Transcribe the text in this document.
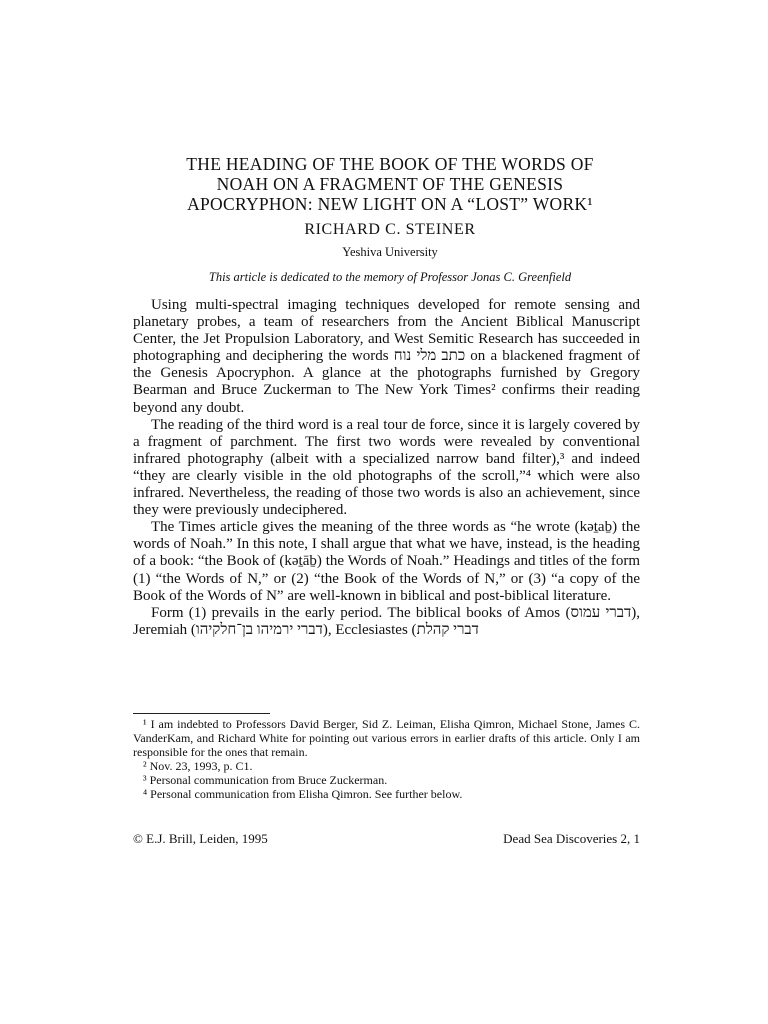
THE HEADING OF THE BOOK OF THE WORDS OF
NOAH ON A FRAGMENT OF THE GENESIS
APOCRYPHON: NEW LIGHT ON A “LOST” WORK¹
RICHARD C. STEINER
Yeshiva University
This article is dedicated to the memory of Professor Jonas C. Greenfield

Using multi-spectral imaging techniques developed for remote sensing and planetary probes, a team of researchers from the Ancient Biblical Manuscript Center, the Jet Propulsion Laboratory, and West Semitic Research has succeeded in photographing and deciphering the words כתב מלי נוח on a blackened fragment of the Genesis Apocryphon. A glance at the photographs furnished by Gregory Bearman and Bruce Zuckerman to The New York Times² confirms their reading beyond any doubt.

The reading of the third word is a real tour de force, since it is largely covered by a fragment of parchment. The first two words were revealed by conventional infrared photography (albeit with a specialized narrow band filter),³ and indeed “they are clearly visible in the old photographs of the scroll,”⁴ which were also infrared. Nevertheless, the reading of those two words is also an achievement, since they were previously undeciphered.

The Times article gives the meaning of the three words as “he wrote (kəṯaḇ) the words of Noah.” In this note, I shall argue that what we have, instead, is the heading of a book: “the Book of (kəṯāḇ) the Words of Noah.” Headings and titles of the form (1) “the Words of N,” or (2) “the Book of the Words of N,” or (3) “a copy of the Book of the Words of N” are well-known in biblical and post-biblical literature.

Form (1) prevails in the early period. The biblical books of Amos (דברי עמוס), Jeremiah (דברי ירמיהו בן־חלקיהו), Ecclesiastes (דברי קהלת

¹ I am indebted to Professors David Berger, Sid Z. Leiman, Elisha Qimron, Michael Stone, James C. VanderKam, and Richard White for pointing out various errors in earlier drafts of this article. Only I am responsible for the ones that remain.

² Nov. 23, 1993, p. C1.

³ Personal communication from Bruce Zuckerman.

⁴ Personal communication from Elisha Qimron. See further below.

© E.J. Brill, Leiden, 1995	Dead Sea Discoveries 2, 1
